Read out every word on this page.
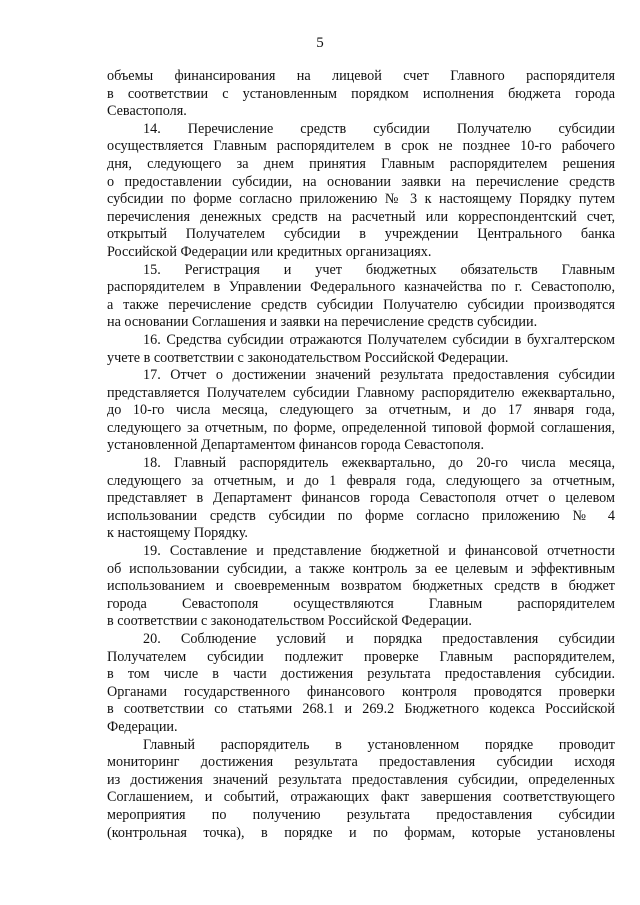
5
объемы финансирования на лицевой счет Главного распорядителя
в соответствии с установленным порядком исполнения бюджета города
Севастополя.
14. Перечисление средств субсидии Получателю субсидии
осуществляется Главным распорядителем в срок не позднее 10-го рабочего
дня, следующего за днем принятия Главным распорядителем решения
о предоставлении субсидии, на основании заявки на перечисление средств
субсидии по форме согласно приложению № 3 к настоящему Порядку путем
перечисления денежных средств на расчетный или корреспондентский счет,
открытый Получателем субсидии в учреждении Центрального банка
Российской Федерации или кредитных организациях.
15. Регистрация и учет бюджетных обязательств Главным
распорядителем в Управлении Федерального казначейства по г. Севастополю,
а также перечисление средств субсидии Получателю субсидии производятся
на основании Соглашения и заявки на перечисление средств субсидии.
16. Средства субсидии отражаются Получателем субсидии в бухгалтерском
учете в соответствии с законодательством Российской Федерации.
17. Отчет о достижении значений результата предоставления субсидии
представляется Получателем субсидии Главному распорядителю ежеквартально,
до 10-го числа месяца, следующего за отчетным, и до 17 января года,
следующего за отчетным, по форме, определенной типовой формой соглашения,
установленной Департаментом финансов города Севастополя.
18. Главный распорядитель ежеквартально, до 20-го числа месяца,
следующего за отчетным, и до 1 февраля года, следующего за отчетным,
представляет в Департамент финансов города Севастополя отчет о целевом
использовании средств субсидии по форме согласно приложению № 4
к настоящему Порядку.
19. Составление и представление бюджетной и финансовой отчетности
об использовании субсидии, а также контроль за ее целевым и эффективным
использованием и своевременным возвратом бюджетных средств в бюджет
города Севастополя осуществляются Главным распорядителем
в соответствии с законодательством Российской Федерации.
20. Соблюдение условий и порядка предоставления субсидии
Получателем субсидии подлежит проверке Главным распорядителем,
в том числе в части достижения результата предоставления субсидии.
Органами государственного финансового контроля проводятся проверки
в соответствии со статьями 268.1 и 269.2 Бюджетного кодекса Российской
Федерации.
Главный распорядитель в установленном порядке проводит
мониторинг достижения результата предоставления субсидии исходя
из достижения значений результата предоставления субсидии, определенных
Соглашением, и событий, отражающих факт завершения соответствующего
мероприятия по получению результата предоставления субсидии
(контрольная точка), в порядке и по формам, которые установлены
